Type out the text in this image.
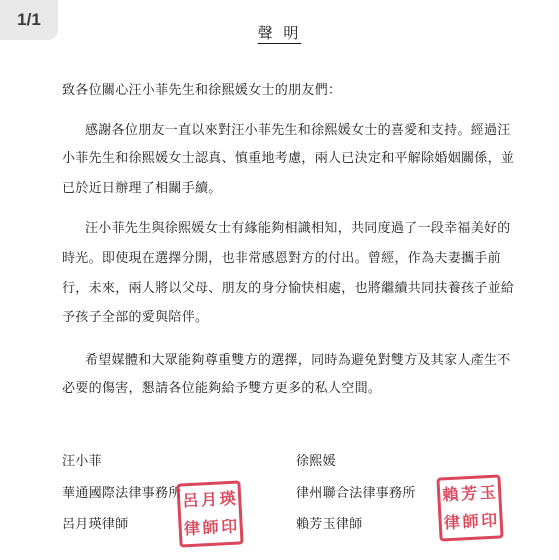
1/1
聲 明
致各位關心汪小菲先生和徐熙媛女士的朋友們：
感謝各位朋友一直以來對汪小菲先生和徐熙媛女士的喜愛和支持。經過汪
小菲先生和徐熙媛女士認真、慎重地考慮，兩人已決定和平解除婚姻關係，並
已於近日辦理了相關手續。
汪小菲先生與徐熙媛女士有緣能夠相識相知，共同度過了一段幸福美好的
時光。即使現在選擇分開，也非常感恩對方的付出。曾經，作為夫妻攜手前
行，未來，兩人將以父母、朋友的身分愉快相處，也將繼續共同扶養孩子並給
予孩子全部的愛與陪伴。
希望媒體和大眾能夠尊重雙方的選擇，同時為避免對雙方及其家人產生不
必要的傷害，懇請各位能夠給予雙方更多的私人空間。
汪小菲
華通國際法律事務所
呂月瑛律師
呂 月 瑛
律 師 印
徐熙媛
律州聯合法律事務所
賴芳玉律師
賴 芳 玉
律 師 印
